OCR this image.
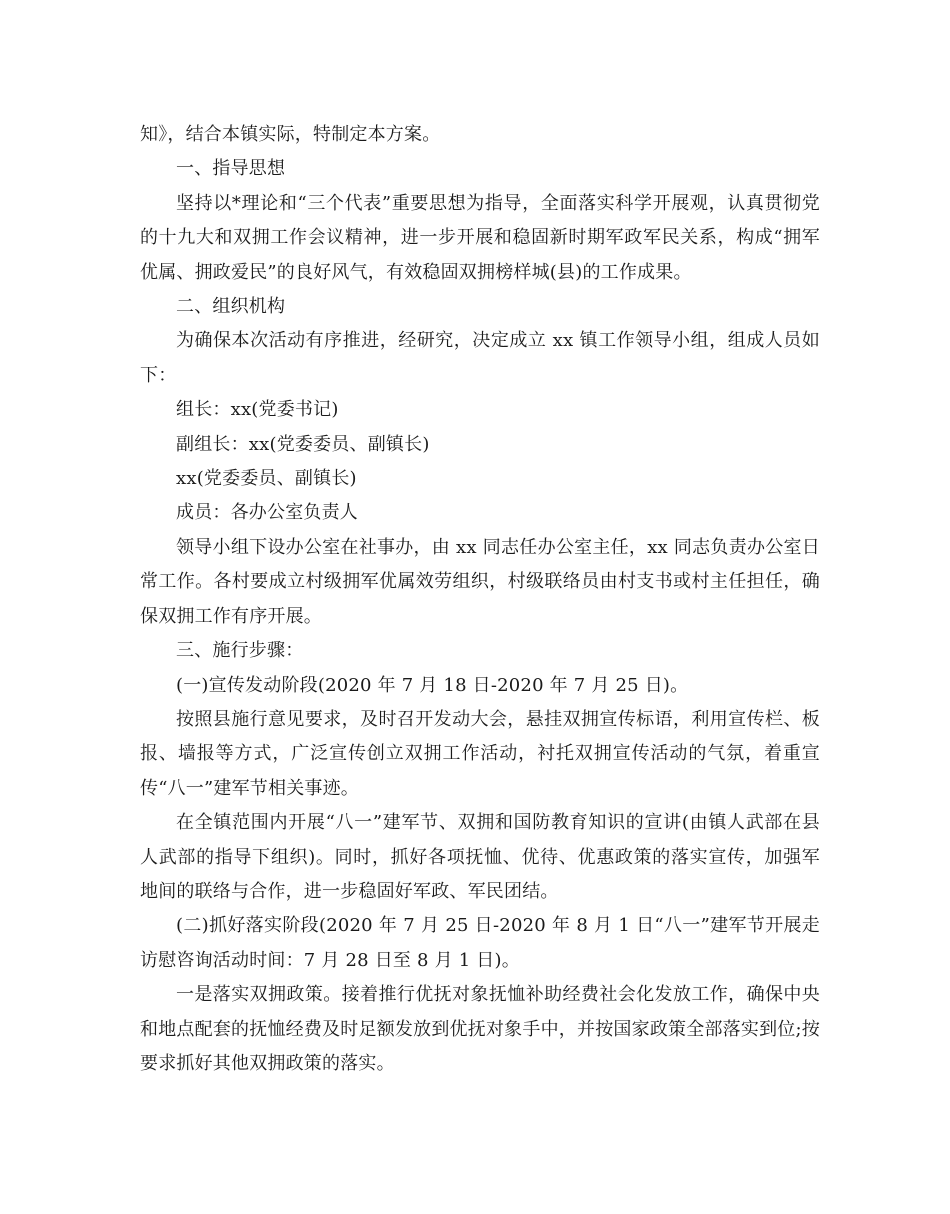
知》，结合本镇实际，特制定本方案。

一、指导思想

坚持以*理论和“三个代表”重要思想为指导，全面落实科学开展观，认真贯彻党的十九大和双拥工作会议精神，进一步开展和稳固新时期军政军民关系，构成“拥军优属、拥政爱民”的良好风气，有效稳固双拥榜样城(县)的工作成果。

二、组织机构

为确保本次活动有序推进，经研究，决定成立 xx 镇工作领导小组，组成人员如下：

组长：xx(党委书记)

副组长：xx(党委委员、副镇长)

xx(党委委员、副镇长)

成员：各办公室负责人

领导小组下设办公室在社事办，由 xx 同志任办公室主任，xx 同志负责办公室日常工作。各村要成立村级拥军优属效劳组织，村级联络员由村支书或村主任担任，确保双拥工作有序开展。

三、施行步骤：

(一)宣传发动阶段(2020 年 7 月 18 日-2020 年 7 月 25 日)。

按照县施行意见要求，及时召开发动大会，悬挂双拥宣传标语，利用宣传栏、板报、墙报等方式，广泛宣传创立双拥工作活动，衬托双拥宣传活动的气氛，着重宣传“八一”建军节相关事迹。

在全镇范围内开展“八一”建军节、双拥和国防教育知识的宣讲(由镇人武部在县人武部的指导下组织)。同时，抓好各项抚恤、优待、优惠政策的落实宣传，加强军地间的联络与合作，进一步稳固好军政、军民团结。

(二)抓好落实阶段(2020 年 7 月 25 日-2020 年 8 月 1 日“八一”建军节开展走访慰咨询活动时间：7 月 28 日至 8 月 1 日)。

一是落实双拥政策。接着推行优抚对象抚恤补助经费社会化发放工作，确保中央和地点配套的抚恤经费及时足额发放到优抚对象手中，并按国家政策全部落实到位;按要求抓好其他双拥政策的落实。
